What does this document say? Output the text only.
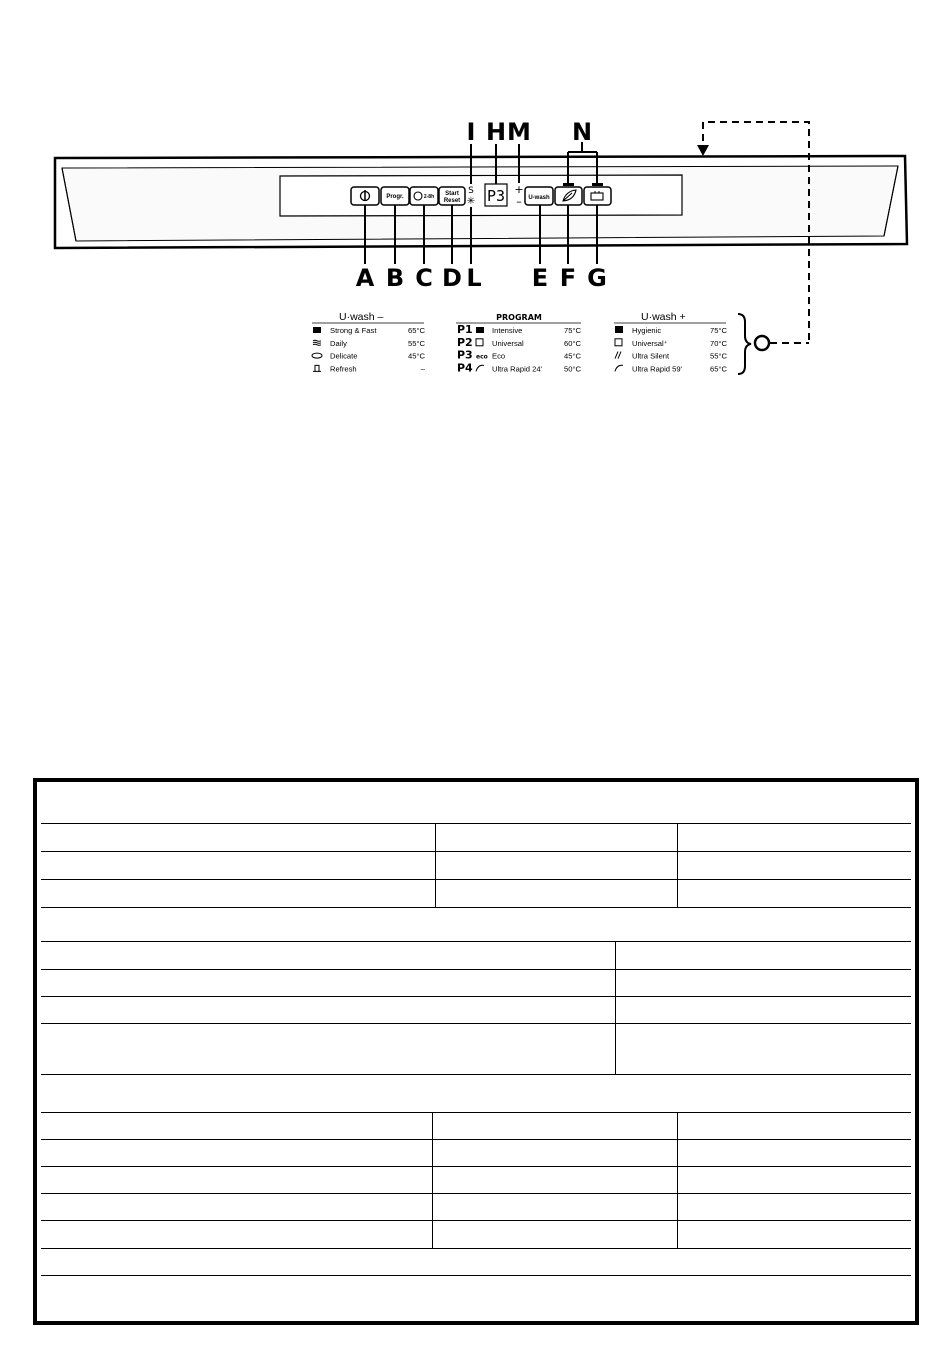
Progr.	2-8h Start
Reset
S
✳ P3 +
– U-wash
I H M N
A B C D L E F G
U·wash –
Strong & Fast	65°C
Daily	55°C
Delicate	45°C
Refresh	–
PROGRAM
P1	Intensive	75°C
P2	Universal	60°C
P3 eco Eco	45°C
P4	Ultra Rapid 24'	50°C
U·wash +
Hygienic	75°C
Universal⁺	70°C
Ultra Silent	55°C
Ultra Rapid 59'	65°C
